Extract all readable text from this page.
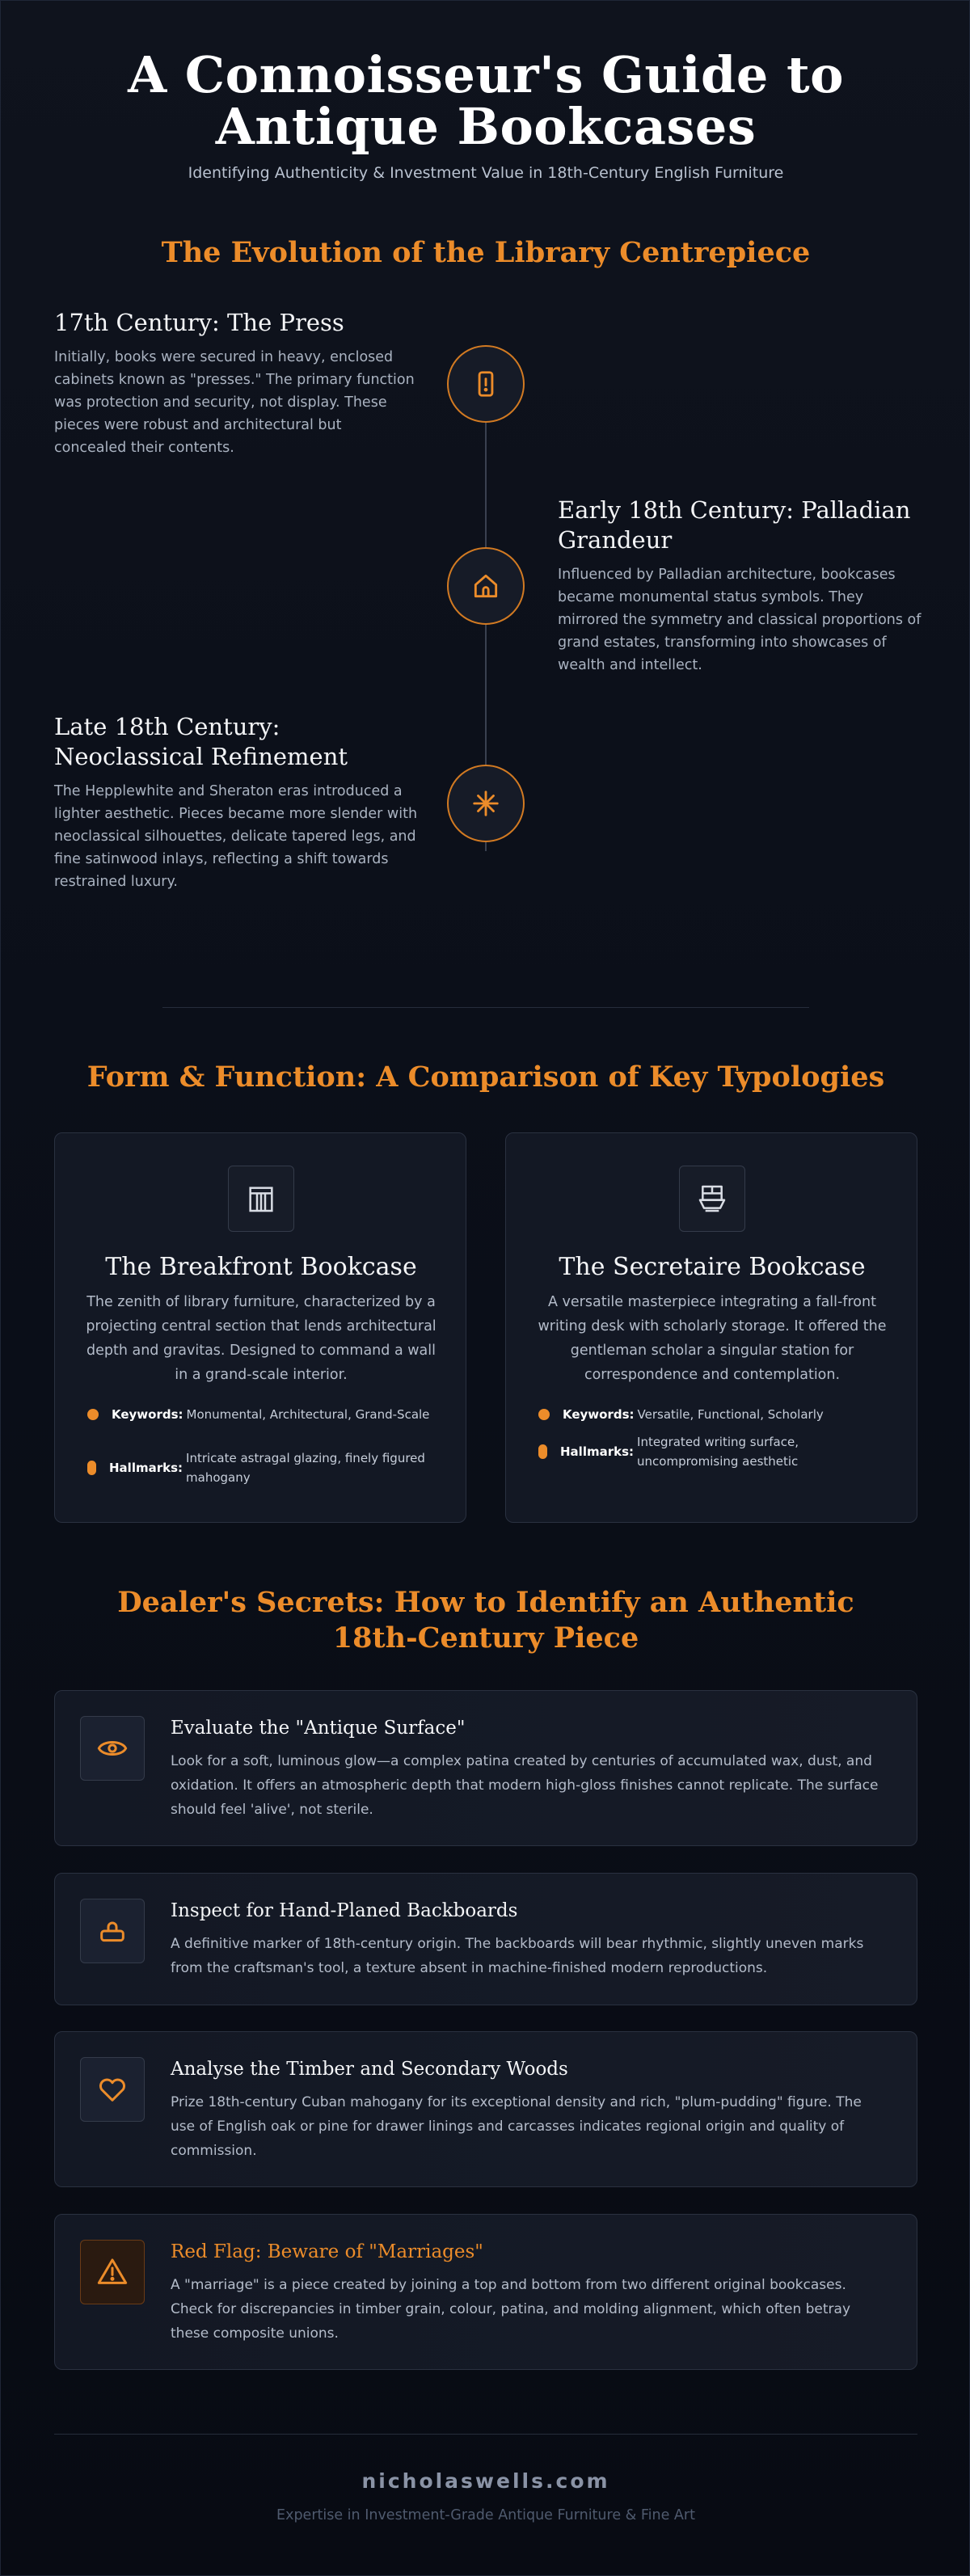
A Connoisseur's Guide to
Antique Bookcases
Identifying Authenticity & Investment Value in 18th-Century English Furniture
The Evolution of the Library Centrepiece
17th Century: The Press

Initially, books were secured in heavy, enclosed cabinets known as "presses." The primary function was protection and security, not display. These pieces were robust and architectural but concealed their contents.

Early 18th Century: Palladian Grandeur

Influenced by Palladian architecture, bookcases became monumental status symbols. They mirrored the symmetry and classical proportions of grand estates, transforming into showcases of wealth and intellect.

Late 18th Century: Neoclassical Refinement

The Hepplewhite and Sheraton eras introduced a lighter aesthetic. Pieces became more slender with neoclassical silhouettes, delicate tapered legs, and fine satinwood inlays, reflecting a shift towards restrained luxury.

Form & Function: A Comparison of Key Typologies
The Breakfront Bookcase

The zenith of library furniture, characterized by a projecting central section that lends architectural depth and gravitas. Designed to command a wall in a grand-scale interior.

Keywords: Monumental, Architectural, Grand-Scale
Hallmarks:
Intricate astragal glazing, finely figured mahogany
The Secretaire Bookcase

A versatile masterpiece integrating a fall-front writing desk with scholarly storage. It offered the gentleman scholar a singular station for correspondence and contemplation.

Keywords: Versatile, Functional, Scholarly
Hallmarks:
Integrated writing surface, uncompromising aesthetic
Dealer's Secrets: How to Identify an Authentic 18th-Century Piece
Evaluate the "Antique Surface"

Look for a soft, luminous glow—a complex patina created by centuries of accumulated wax, dust, and oxidation. It offers an atmospheric depth that modern high-gloss finishes cannot replicate. The surface should feel 'alive', not sterile.

Inspect for Hand-Planed Backboards

A definitive marker of 18th-century origin. The backboards will bear rhythmic, slightly uneven marks from the craftsman's tool, a texture absent in machine-finished modern reproductions.

Analyse the Timber and Secondary Woods

Prize 18th-century Cuban mahogany for its exceptional density and rich, "plum-pudding" figure. The use of English oak or pine for drawer linings and carcasses indicates regional origin and quality of commission.

Red Flag: Beware of "Marriages"

A "marriage" is a piece created by joining a top and bottom from two different original bookcases. Check for discrepancies in timber grain, colour, patina, and molding alignment, which often betray these composite unions.

nicholaswells.com
Expertise in Investment-Grade Antique Furniture & Fine Art
